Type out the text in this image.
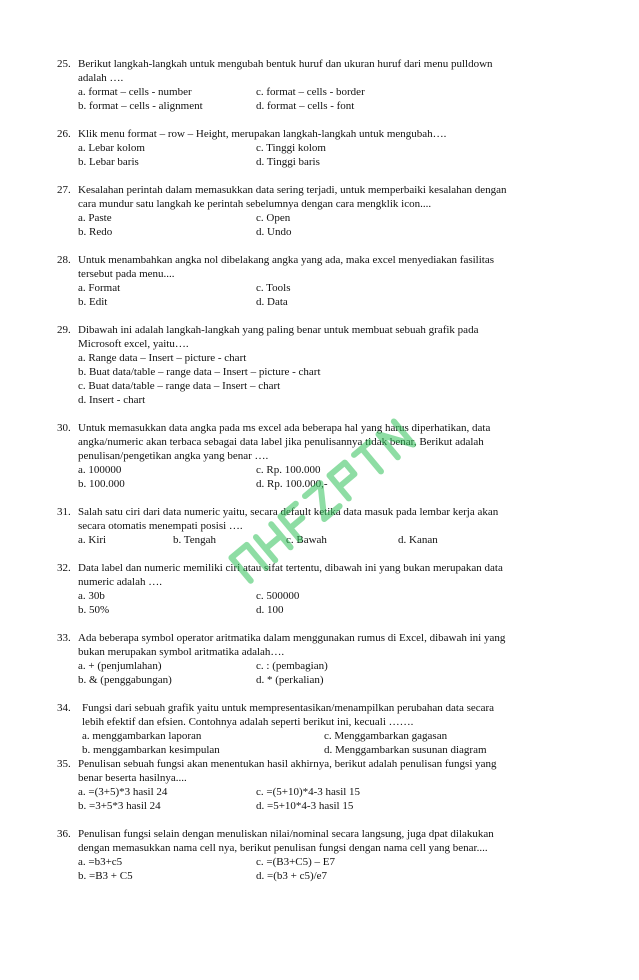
25. Berikut langkah-langkah untuk mengubah bentuk huruf dan ukuran huruf dari menu pulldown
adalah ….
a. format – cells - number	c. format – cells - border
b. format – cells - alignment	d. format – cells - font
26. Klik menu format – row – Height, merupakan langkah-langkah untuk mengubah….
a. Lebar kolom	c. Tinggi kolom
b. Lebar baris	d. Tinggi baris
27. Kesalahan perintah dalam memasukkan data sering terjadi, untuk memperbaiki kesalahan dengan
cara mundur satu langkah ke perintah sebelumnya dengan cara mengklik icon....
a. Paste	c. Open
b. Redo	d. Undo
28. Untuk menambahkan angka nol dibelakang angka yang ada, maka excel menyediakan fasilitas
tersebut pada menu....
a. Format	c. Tools
b. Edit	d. Data
29. Dibawah ini adalah langkah-langkah yang paling benar untuk membuat sebuah grafik pada
Microsoft excel, yaitu….
a. Range data – Insert – picture - chart
b. Buat data/table – range data – Insert – picture - chart
c. Buat data/table – range data – Insert – chart
d. Insert - chart
30. Untuk memasukkan data angka pada ms excel ada beberapa hal yang harus diperhatikan, data
angka/numeric akan terbaca sebagai data label jika penulisannya tidak benar, Berikut adalah
penulisan/pengetikan angka yang benar ….
a. 100000	c. Rp. 100.000
b. 100.000	d. Rp. 100.000,-
31. Salah satu ciri dari data numeric yaitu, secara default ketika data masuk pada lembar kerja akan
secara otomatis menempati posisi ….
a. Kiri	b. Tengah	c. Bawah	d. Kanan
32. Data label dan numeric memiliki ciri atau sifat tertentu, dibawah ini yang bukan merupakan data
numeric adalah ….
a. 30b	c. 500000
b. 50%	d. 100
33. Ada beberapa symbol operator aritmatika dalam menggunakan rumus di Excel, dibawah ini yang
bukan merupakan symbol aritmatika adalah….
a. + (penjumlahan)	c. : (pembagian)
b. & (penggabungan)	d. * (perkalian)
34. Fungsi dari sebuah grafik yaitu untuk mempresentasikan/menampilkan perubahan data secara
lebih efektif dan efsien. Contohnya adalah seperti berikut ini, kecuali …….
a. menggambarkan laporan	c. Menggambarkan gagasan
b. menggambarkan kesimpulan	d. Menggambarkan susunan diagram
35. Penulisan sebuah fungsi akan menentukan hasil akhirnya, berikut adalah penulisan fungsi yang
benar beserta hasilnya....
a. =(3+5)*3 hasil 24	c. =(5+10)*4-3 hasil 15
b. =3+5*3 hasil 24	d. =5+10*4-3 hasil 15
36. Penulisan fungsi selain dengan menuliskan nilai/nominal secara langsung, juga dpat dilakukan
dengan memasukkan nama cell nya, berikut penulisan fungsi dengan nama cell yang benar....
a. =b3+c5	c. =(B3+C5) – E7
b. =B3 + C5	d. =(b3 + c5)/e7
